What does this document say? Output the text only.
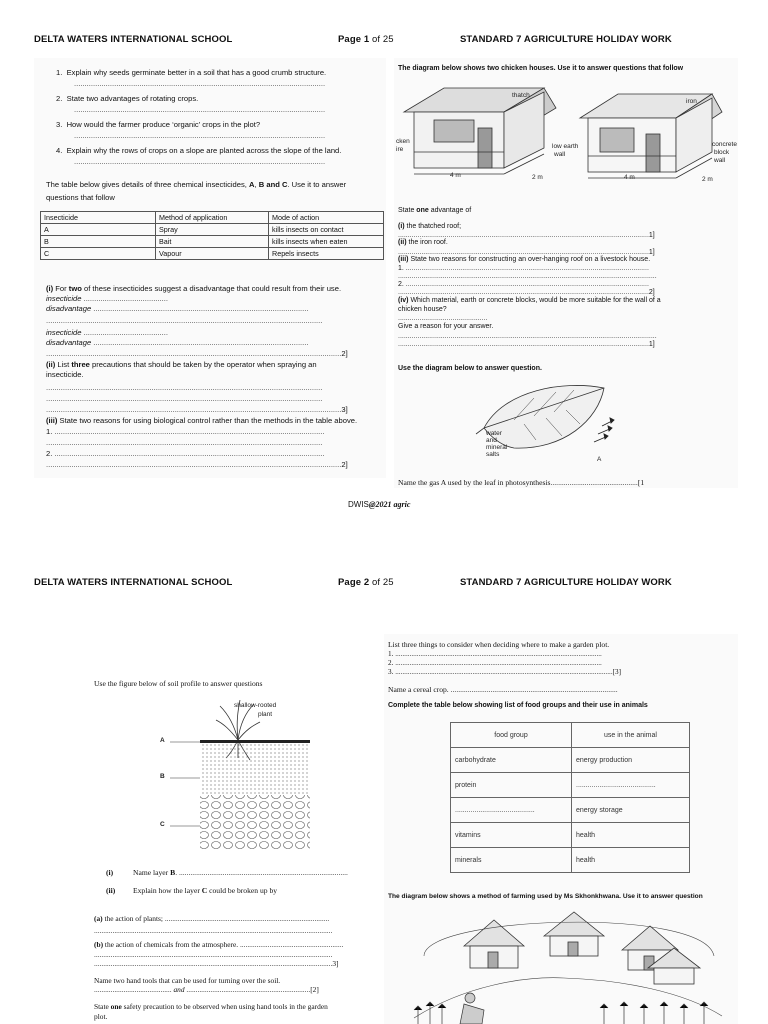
DELTA WATERS INTERNATIONAL SCHOOL	Page 1 of 25	STANDARD 7 AGRICULTURE HOLIDAY WORK
1. Explain why seeds germinate better in a soil that has a good crumb structure.
.......................................................................................................................
2. State two advantages of rotating crops.
.......................................................................................................................
3. How would the farmer produce ‘organic’ crops in the plot?
.......................................................................................................................
4. Explain why the rows of crops on a slope are planted across the slope of the land.
.......................................................................................................................
The table below gives details of three chemical insecticides, A, B and C. Use it to answer
questions that follow
Insecticide	Method of application	Mode of action
A	Spray	kills insects on contact
B	Bait	kills insects when eaten
C	Vapour	Repels insects
(i) For two of these insecticides suggest a disadvantage that could result from their use.
insecticide ........................................
disadvantage ......................................................................................................
...................................................................................................................................
insecticide ........................................
disadvantage ......................................................................................................
............................................................................................................................................2]
(ii) List three precautions that should be taken by the operator when spraying an
insecticide.
...................................................................................................................................
...................................................................................................................................
............................................................................................................................................3]
(iii) State two reasons for using biological control rather than the methods in the table above.
1. ................................................................................................................................
...................................................................................................................................
2. ................................................................................................................................
............................................................................................................................................2]
The diagram below shows two chicken houses. Use it to answer questions that follow
thatch
iron
cken
ire	low earth
wall
concrete
block
wall
4 m	2 m	4 m	2 m
State one advantage of
(i) the thatched roof;
.................................................................................................................................1]
(ii) the iron roof.
.................................................................................................................................1]
(iii) State two reasons for constructing an over-hanging roof on a livestock house.
1. .............................................................................................................................
.....................................................................................................................................
2. .............................................................................................................................
.................................................................................................................................2]
(iv) Which material, earth or concrete blocks, would be more suitable for the wall of a
chicken house?
..............................................
Give a reason for your answer.
.....................................................................................................................................
.................................................................................................................................1]
Use the diagram below to answer question.
water
and
mineral
salts
A
Name the gas A used by the leaf in photosynthesis..............................................[1
DWIS@2021 agric
DELTA WATERS INTERNATIONAL SCHOOL	Page 2 of 25	STANDARD 7 AGRICULTURE HOLIDAY WORK
Use the figure below of soil profile to answer questions
shallow-rooted
plant
A
B
C
(i)	Name layer B. .........................................................................................
(ii) Explain how the layer C could be broken up by
(a) the action of plants; .........................................................................................
.................................................................................................................................
(b) the action of chemicals from the atmosphere. ........................................................
.................................................................................................................................
.................................................................................................................................3]
Name two hand tools that can be used for turning over the soil.
.......................................... and ...................................................................[2]
State one safety precaution to be observed when using hand tools in the garden
plot.
List three things to consider when deciding where to make a garden plot.
1. ...................................................................................................................
2. ...................................................................................................................
3. .........................................................................................................................[3]
Name a cereal crop. ........................................................................................
Complete the table below showing list of food groups and their use in animals
food group	use in the animal
carbohydrate	energy production
protein	.........................................
.........................................	energy storage
vitamins	health
minerals	health
The diagram below shows a method of farming used by Ms Skhonkhwana. Use it to answer question
